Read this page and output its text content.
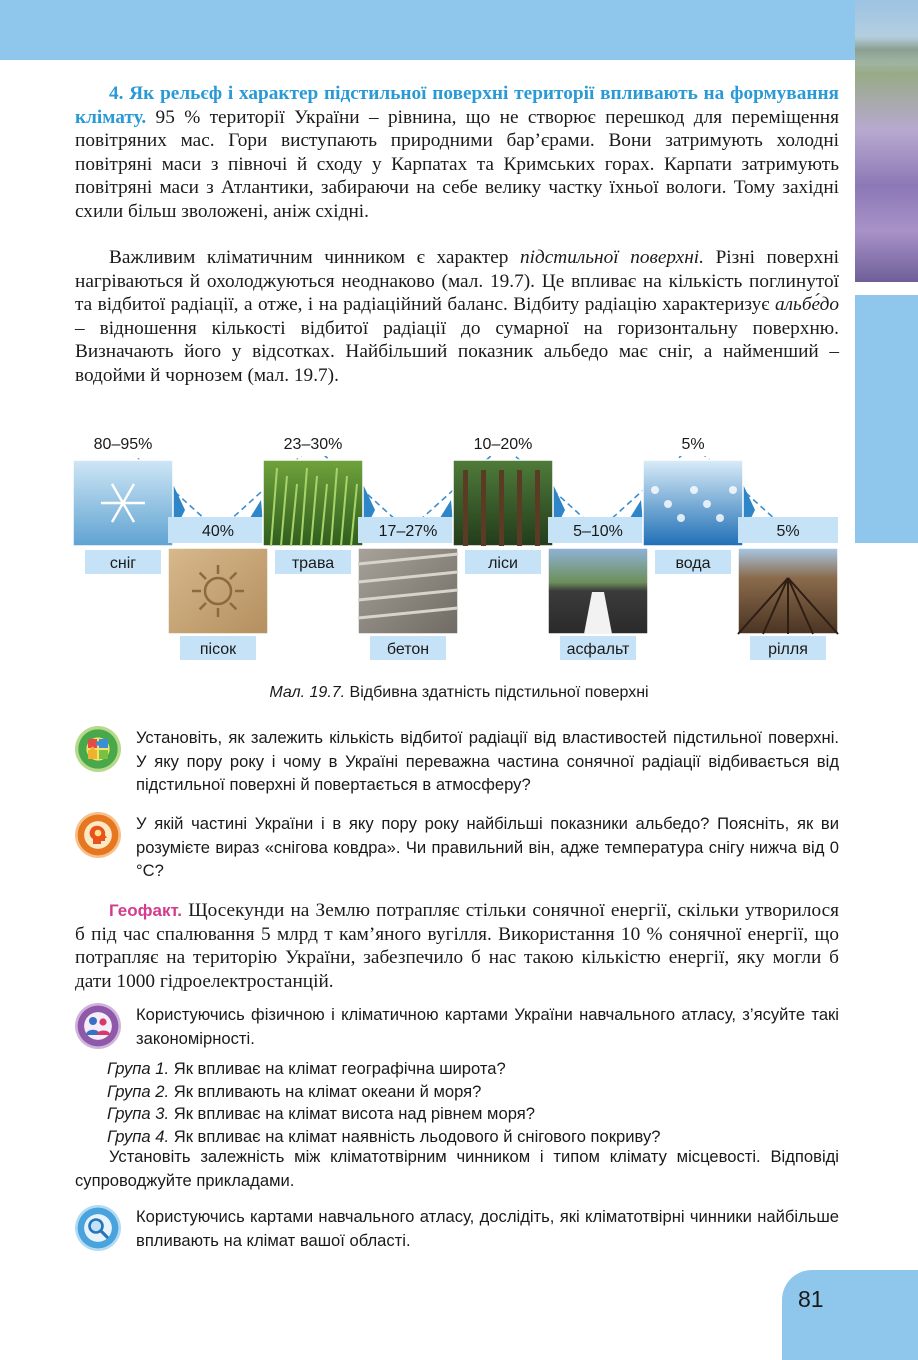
81
4. Як рельєф і характер підстильної поверхні території впливають на формування клімату. 95 % території України – рівнина, що не створює перешкод для переміщення повітряних мас. Гори виступають природними бар’єрами. Вони затримують холодні повітряні маси з півночі й сходу у Карпатах та Кримських горах. Карпати затримують повітряні маси з Атлантики, забираючи на себе велику частку їхньої вологи. Тому західні схили більш зволожені, аніж східні.
Важливим кліматичним чинником є характер підстильної поверхні. Різні поверхні нагріваються й охолоджуються неоднаково (мал. 19.7). Це впливає на кількість поглинутої та відбитої радіації, а отже, і на радіаційний баланс. Відбиту радіацію характеризує альбе́до – відношення кількості відбитої радіації до сумарної на горизонтальну поверхню. Визначають його у відсотках. Найбільший показник альбедо має сніг, а найменший – водойми й чорнозем (мал. 19.7).
80–95%
сніг
40%
пісок
23–30%
трава
17–27%
бетон
10–20%
ліси
5–10%
асфальт
5%
вода
5%
рілля
Мал. 19.7. Відбивна здатність підстильної поверхні
Установіть, як залежить кількість відбитої радіації від властивостей підстильної поверхні. У яку пору року і чому в Україні переважна частина сонячної радіації відбивається від підстильної поверхні й повертається в атмосферу?
У якій частині України і в яку пору року найбільші показники альбедо? Поясніть, як ви розумієте вираз «снігова ковдра». Чи правильний він, адже температура снігу нижча від 0 °С?
Геофакт. Щосекунди на Землю потрапляє стільки сонячної енергії, скільки утворилося б під час спалювання 5 млрд т кам’яного вугілля. Використання 10 % сонячної енергії, що потрапляє на територію України, забезпечило б нас такою кількістю енергії, яку могли б дати 1000 гідроелектростанцій.
Користуючись фізичною і кліматичною картами України навчального атласу, з’ясуйте такі закономірності.
Група 1. Як впливає на клімат географічна широта?
Група 2. Як впливають на клімат океани й моря?
Група 3. Як впливає на клімат висота над рівнем моря?
Група 4. Як впливає на клімат наявність льодового й снігового покриву?
Установіть залежність між кліматотвірним чинником і типом клімату місцевості. Відповіді супроводжуйте прикладами.
Користуючись картами навчального атласу, дослідіть, які кліматотвірні чинники найбільше впливають на клімат вашої області.
